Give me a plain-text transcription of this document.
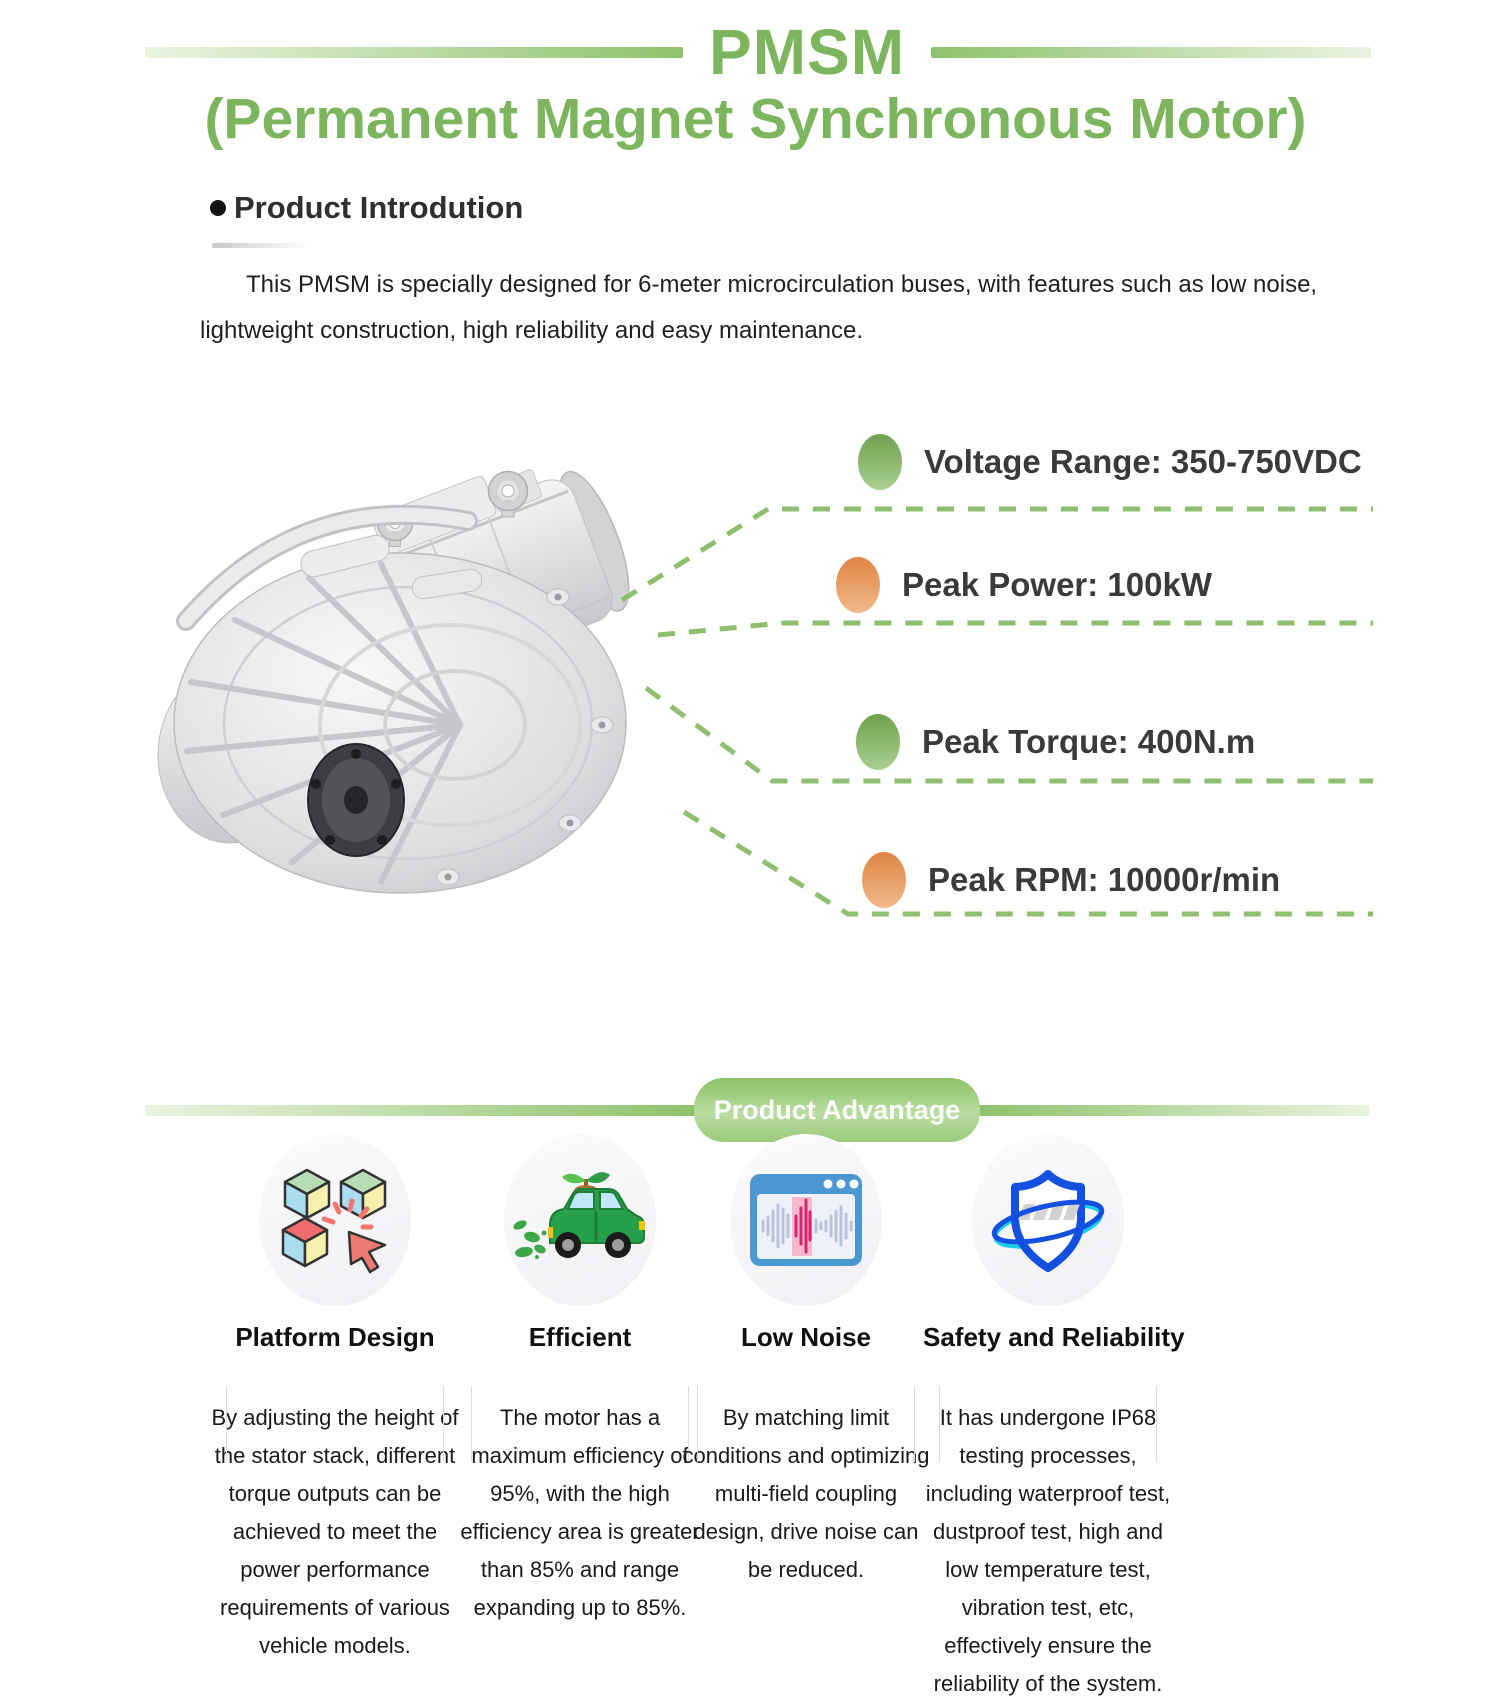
PMSM
(Permanent Magnet Synchronous Motor)
Product Introdution
This PMSM is specially designed for 6-meter microcirculation buses, with features such as low noise, lightweight construction, high reliability and easy maintenance.
Voltage Range: 350-750VDC
Peak Power: 100kW
Peak Torque: 400N.m
Peak RPM: 10000r/min
Product Advantage
Platform Design
By adjusting the height of the stator stack, different torque outputs can be achieved to meet the power performance requirements of various vehicle models.
Efficient
The motor has a maximum efficiency of 95%, with the high efficiency area is greater than 85% and range expanding up to 85%.
Low Noise
By matching limit conditions and optimizing multi-field coupling design, drive noise can be reduced.
Safety and Reliability
It has undergone IP68 testing processes, including waterproof test, dustproof test, high and low temperature test, vibration test, etc, effectively ensure the reliability of the system.
